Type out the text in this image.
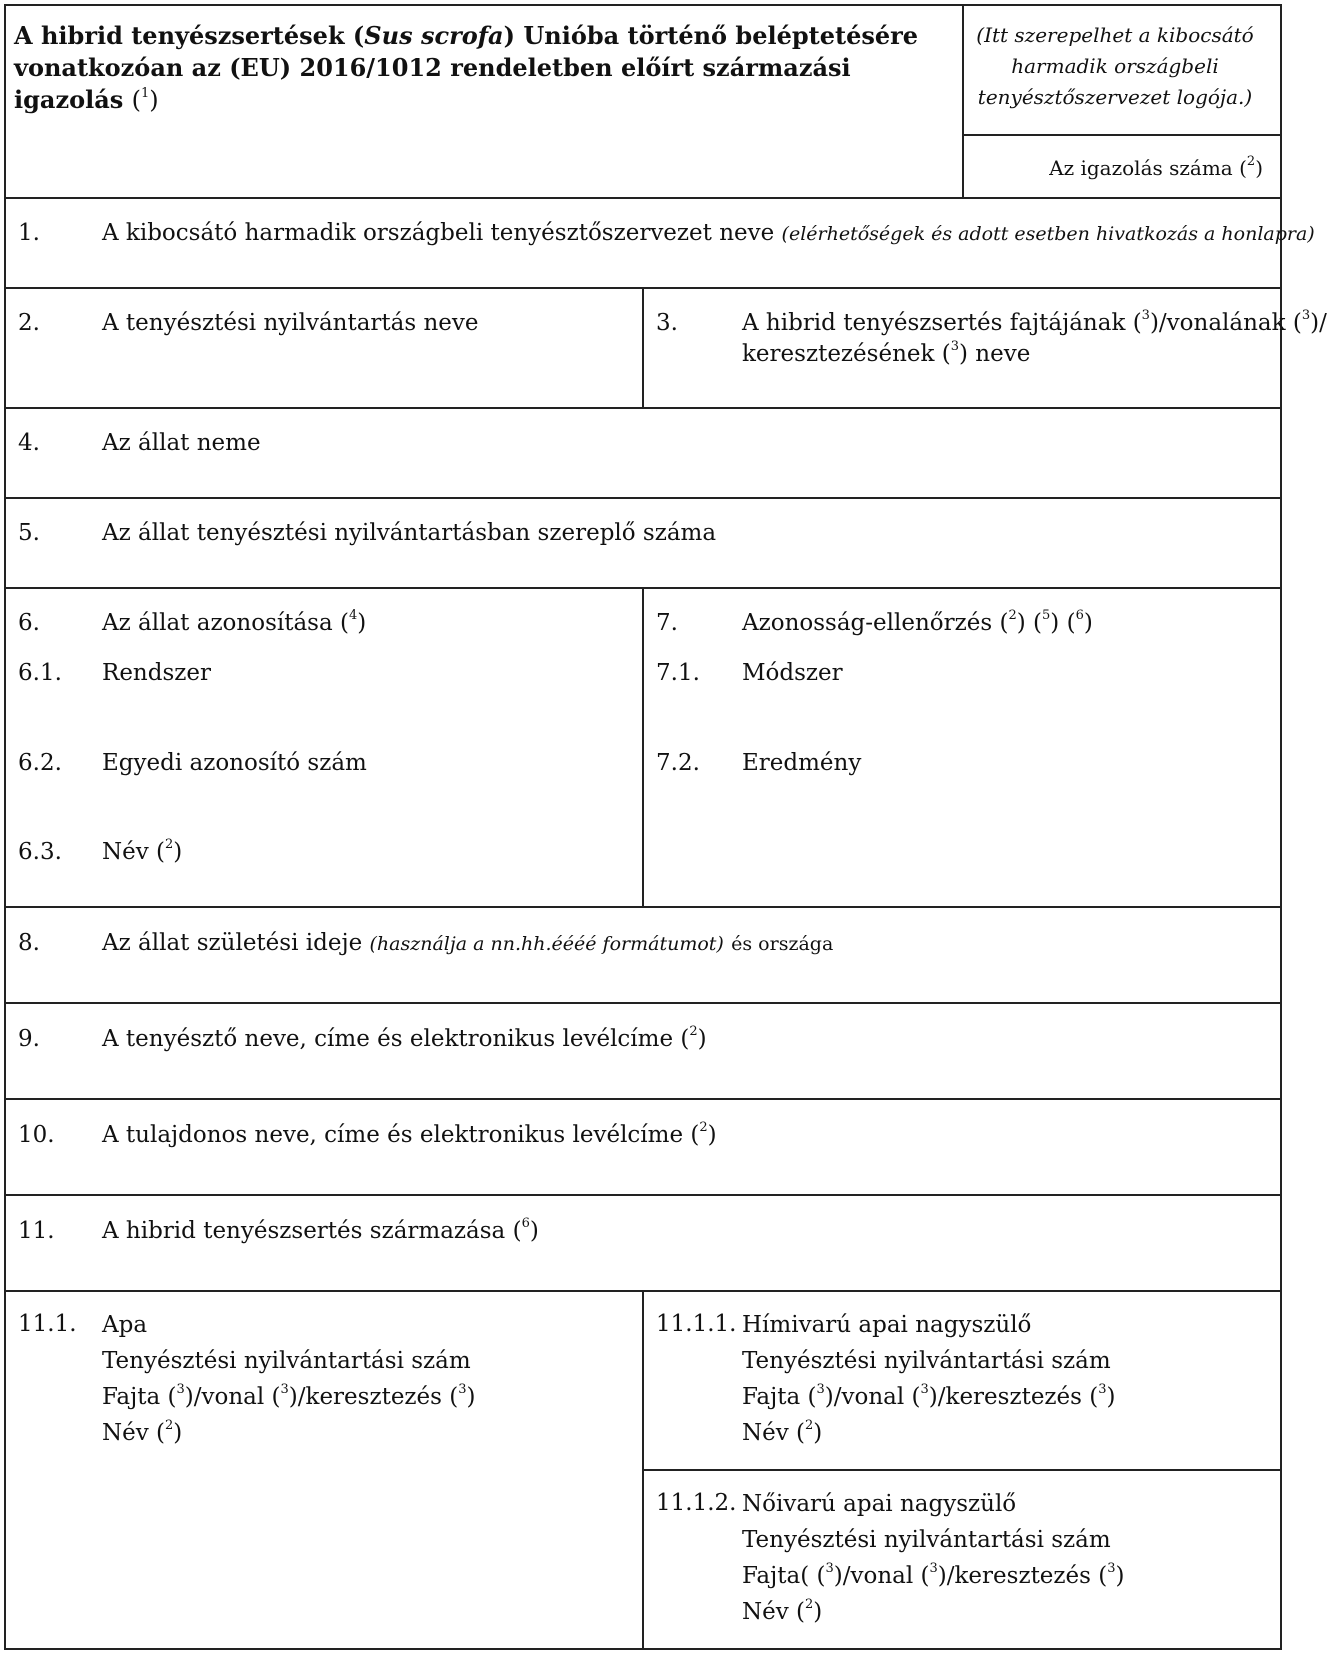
A hibrid tenyészsertések (Sus scrofa) Unióba történő beléptetésére vonatkozóan az (EU) 2016/1012 rendeletben előírt származási igazolás ($^1$)
(Itt szerepelhet a kibocsátó harmadik országbeli tenyésztőszervezet logója.)
Az igazolás száma ($^2$)
1.	A kibocsátó harmadik országbeli tenyésztőszervezet neve (elérhetőségek és adott esetben hivatkozás a honlapra)
2.	A tenyésztési nyilvántartás neve	3.	A hibrid tenyészsertés fajtájának ($^3$)/vonalának ($^3$)/
keresztezésének ($^3$) neve
4.	Az állat neme
5.	Az állat tenyésztési nyilvántartásban szereplő száma
6.	Az állat azonosítása ($^4$)
6.1. Rendszer
6.2. Egyedi azonosító szám
6.3. Név ($^2$)
7.	Azonosság-ellenőrzés ($^2$) ($^5$) ($^6$)
7.1. Módszer
7.2. Eredmény
8.	Az állat születési ideje (használja a nn.hh.éééé formátumot) és országa
9.	A tenyésztő neve, címe és elektronikus levélcíme ($^2$)
10. A tulajdonos neve, címe és elektronikus levélcíme ($^2$)
11. A hibrid tenyészsertés származása ($^6$)
11.1. Apa
Tenyésztési nyilvántartási szám
Fajta ($^3$)/vonal ($^3$)/keresztezés ($^3$)
Név ($^2$)
11.1.1. Hímivarú apai nagyszülő
Tenyésztési nyilvántartási szám
Fajta ($^3$)/vonal ($^3$)/keresztezés ($^3$)
Név ($^2$)
11.1.2. Nőivarú apai nagyszülő
Tenyésztési nyilvántartási szám
Fajta( ($^3$)/vonal ($^3$)/keresztezés ($^3$)
Név ($^2$)
